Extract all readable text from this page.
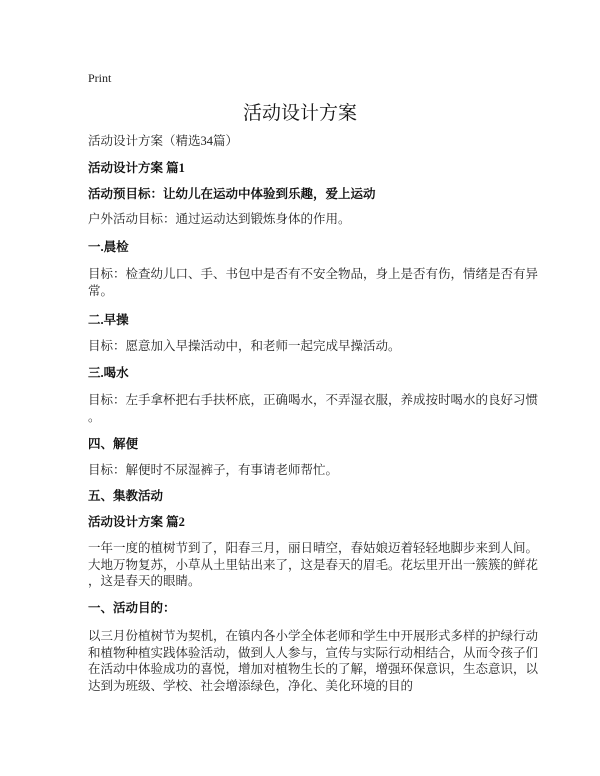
Print
活动设计方案
活动设计方案（精选34篇）
活动设计方案 篇1
活动预目标：让幼儿在运动中体验到乐趣，爱上运动
户外活动目标：通过运动达到锻炼身体的作用。
一.晨检
目标：检查幼儿口、手、书包中是否有不安全物品，身上是否有伤，情绪是否有异
常。
二.早操
目标：愿意加入早操活动中，和老师一起完成早操活动。
三.喝水
目标：左手拿杯把右手扶杯底，正确喝水，不弄湿衣服，养成按时喝水的良好习惯
。
四、解便
目标：解便时不尿湿裤子，有事请老师帮忙。
五、集教活动
活动设计方案 篇2
一年一度的植树节到了，阳春三月，丽日晴空，春姑娘迈着轻轻地脚步来到人间。
大地万物复苏，小草从土里钻出来了，这是春天的眉毛。花坛里开出一簇簇的鲜花
，这是春天的眼睛。
一、活动目的：
以三月份植树节为契机，在镇内各小学全体老师和学生中开展形式多样的护绿行动
和植物种植实践体验活动，做到人人参与，宣传与实际行动相结合，从而令孩子们
在活动中体验成功的喜悦，增加对植物生长的了解，增强环保意识，生态意识，以
达到为班级、学校、社会增添绿色，净化、美化环境的目的
